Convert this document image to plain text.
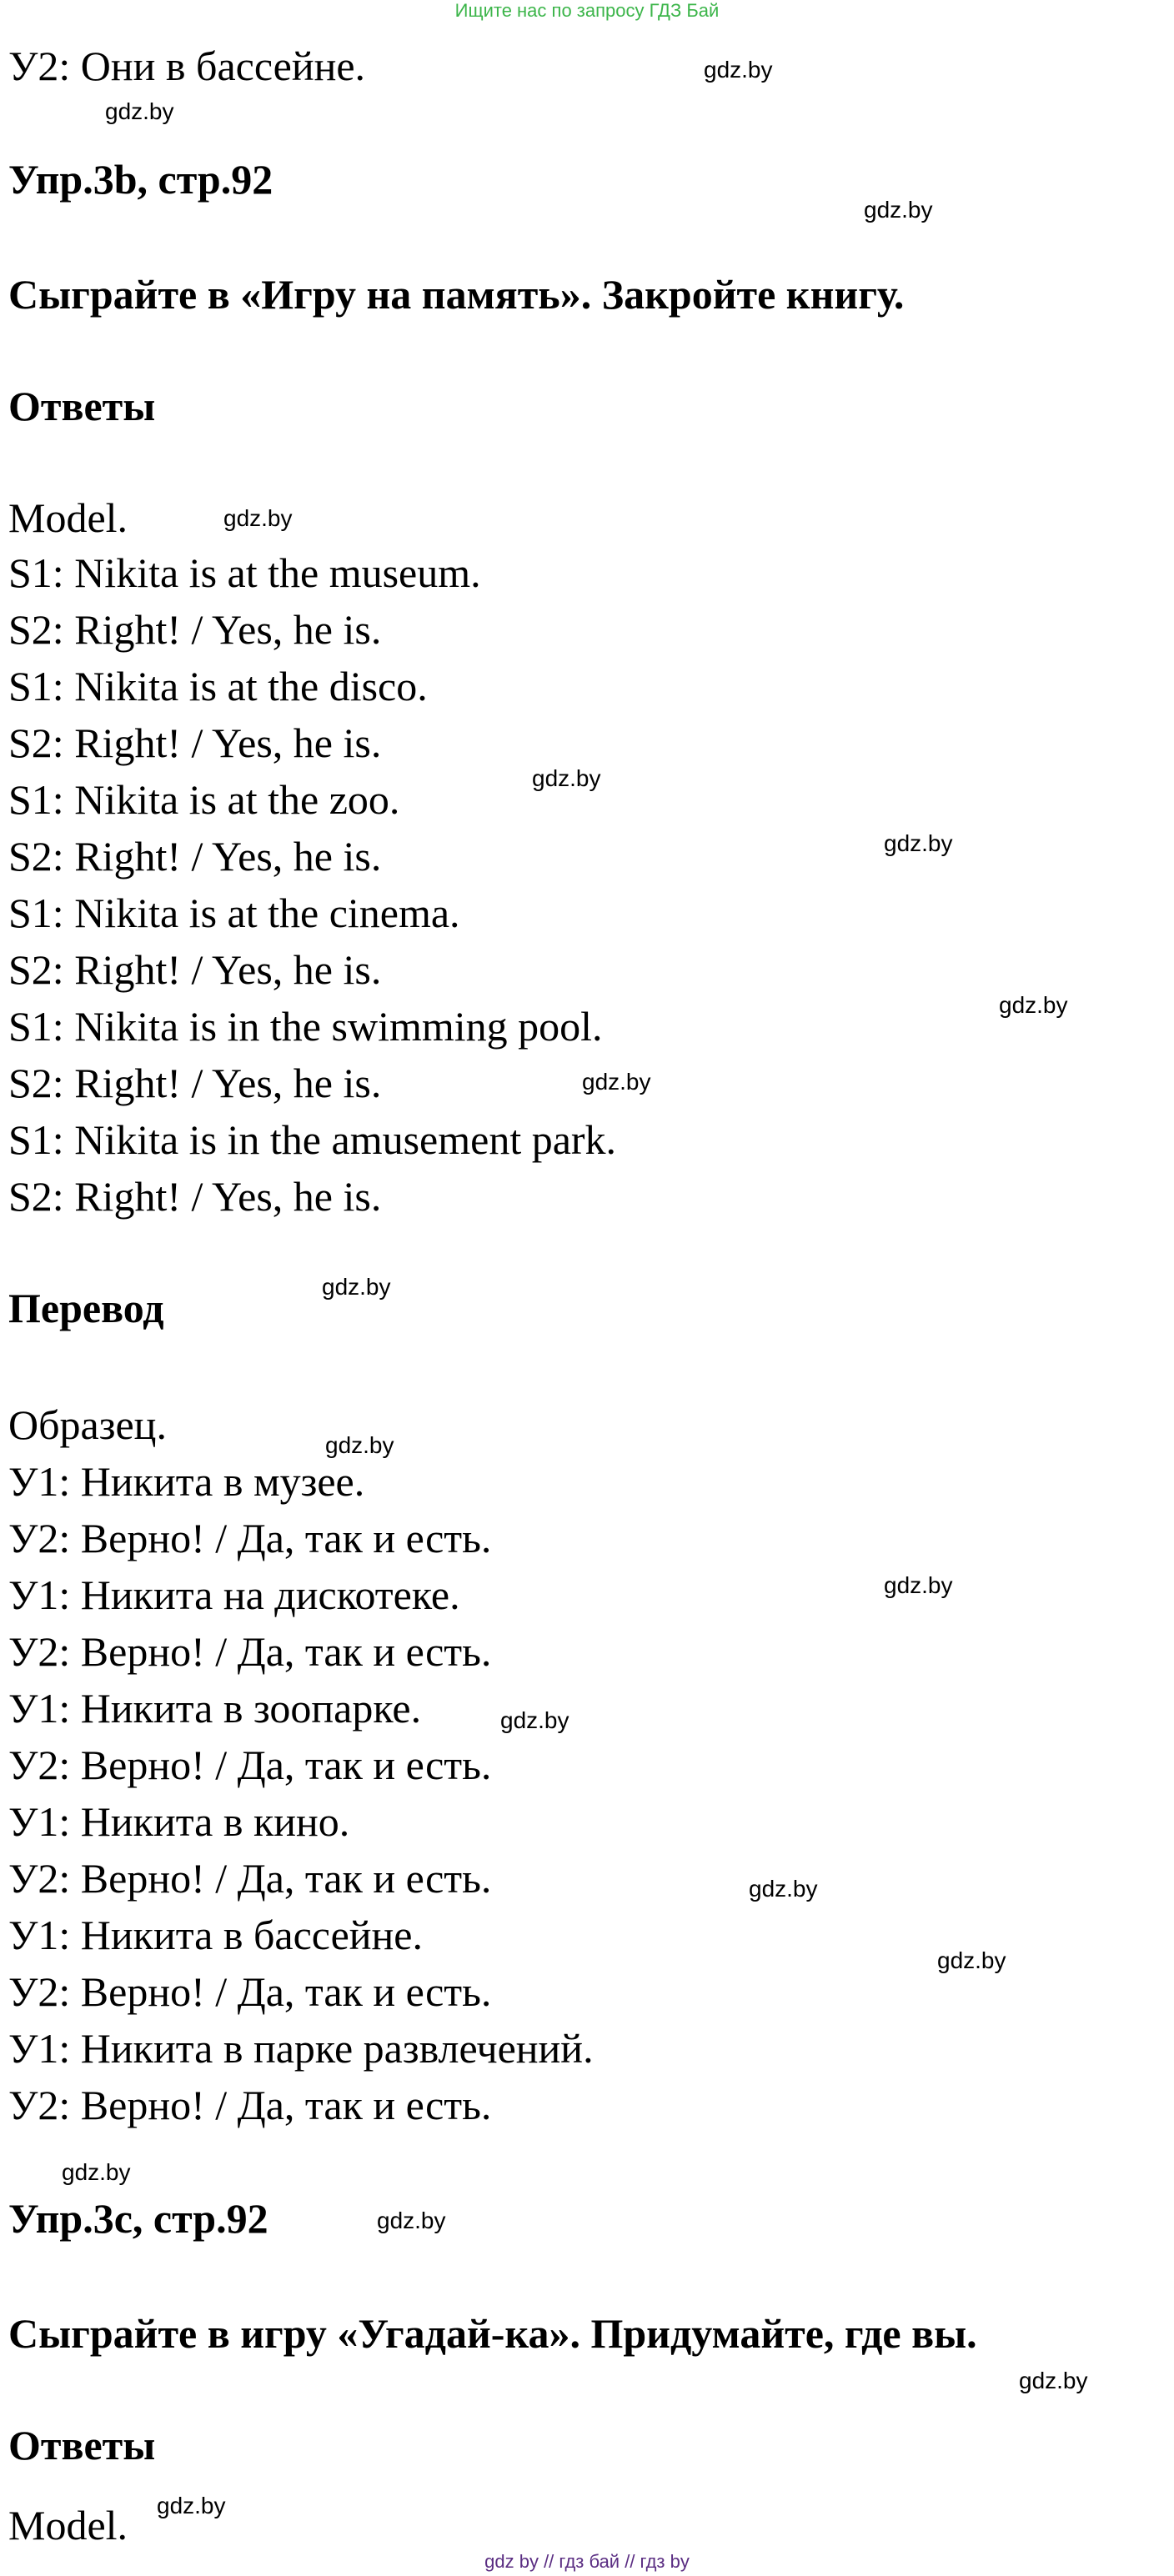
Ищите нас по запросу ГДЗ Бай
У2: Они в бассейне.
Упр.3b, стр.92
Сыграйте в «Игру на память». Закройте книгу.
Ответы
Model.
S1: Nikita is at the museum.
S2: Right! / Yes, he is.
S1: Nikita is at the disco.
S2: Right! / Yes, he is.
S1: Nikita is at the zoo.
S2: Right! / Yes, he is.
S1: Nikita is at the cinema.
S2: Right! / Yes, he is.
S1: Nikita is in the swimming pool.
S2: Right! / Yes, he is.
S1: Nikita is in the amusement park.
S2: Right! / Yes, he is.
Перевод
Образец.
У1: Никита в музее.
У2: Верно! / Да, так и есть.
У1: Никита на дискотеке.
У2: Верно! / Да, так и есть.
У1: Никита в зоопарке.
У2: Верно! / Да, так и есть.
У1: Никита в кино.
У2: Верно! / Да, так и есть.
У1: Никита в бассейне.
У2: Верно! / Да, так и есть.
У1: Никита в парке развлечений.
У2: Верно! / Да, так и есть.
Упр.3c, стр.92
Сыграйте в игру «Угадай-ка». Придумайте, где вы.
Ответы
Model.
gdz.by
gdz.by
gdz.by
gdz.by
gdz.by
gdz.by
gdz.by
gdz.by
gdz.by
gdz.by
gdz.by
gdz.by
gdz.by
gdz.by
gdz.by
gdz.by
gdz.by
gdz.by
gdz by // гдз бай // гдз by
